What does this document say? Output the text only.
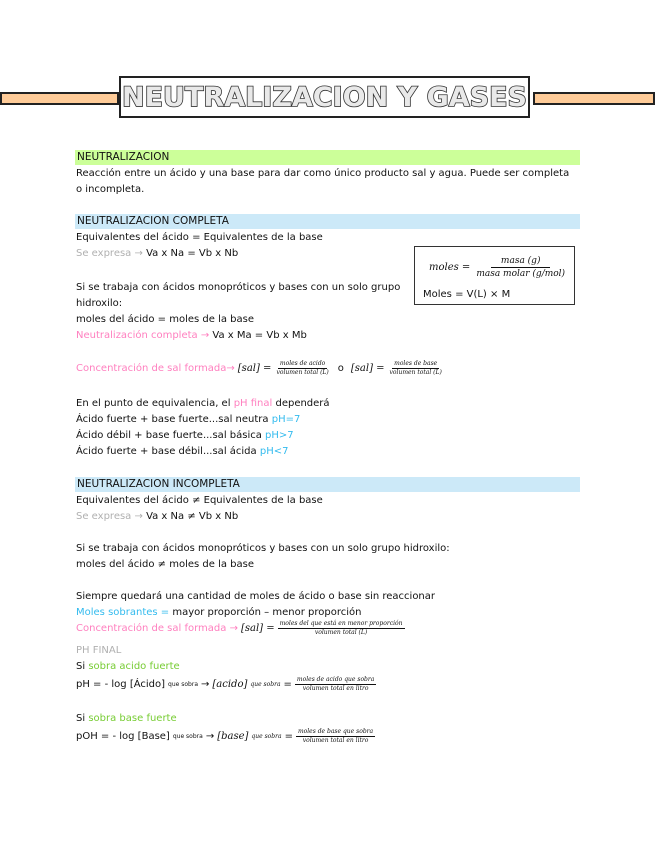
NEUTRALIZACION Y GASES
NEUTRALIZACION
Reacción entre un ácido y una base para dar como único producto sal y agua. Puede ser completa o incompleta.
NEUTRALIZACION COMPLETA
Equivalentes del ácido = Equivalentes de la base
Se expresa → Va x Na = Vb x Nb
moles = $\frac{\text{masa (g)}}{\text{masa molar (g/mol)}}$
Moles = V(L) × M
Si se trabaja con ácidos monopróticos y bases con un solo grupo hidroxilo:
moles del ácido = moles de la base
Neutralización completa → Va x Ma = Vb x Mb
Concentración de sal formada→ $[sal] = \frac{\text{moles de acido}}{\text{volumen total (L)}}$ o $[sal] = \frac{\text{moles de base}}{\text{volumen total (L)}}$
En el punto de equivalencia, el pH final dependerá
Ácido fuerte + base fuerte...sal neutra pH=7
Ácido débil + base fuerte...sal básica pH>7
Ácido fuerte + base débil...sal ácida pH<7
NEUTRALIZACION INCOMPLETA
Equivalentes del ácido ≠ Equivalentes de la base
Se expresa → Va x Na ≠ Vb x Nb
Si se trabaja con ácidos monopróticos y bases con un solo grupo hidroxilo:
moles del ácido ≠ moles de la base
Siempre quedará una cantidad de moles de ácido o base sin reaccionar
Moles sobrantes = mayor proporción – menor proporción
Concentración de sal formada → $[sal] = \frac{\text{moles del que está en menor proporción}}{\text{volumen total (L)}}$
PH FINAL
Si sobra acido fuerte
pH = - log [Ácido] que sobra → [acido] que sobra = $\frac{\text{moles de acido que sobra}}{\text{volumen total en litro}}$
Si sobra base fuerte
pOH = - log [Base] que sobra → [base] que sobra = $\frac{\text{moles de base que sobra}}{\text{volumen total en litro}}$
